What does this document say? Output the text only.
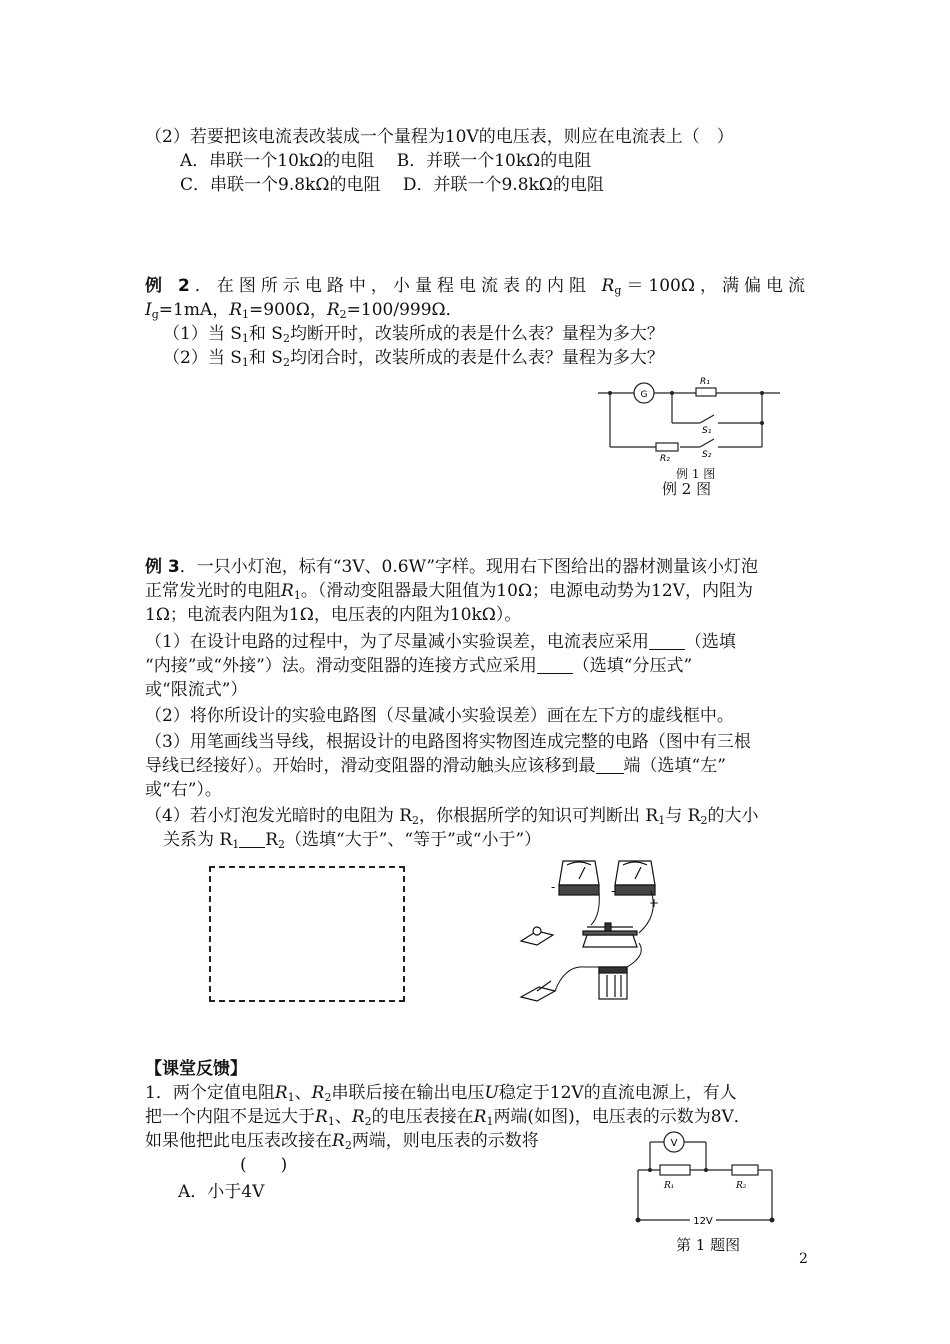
（2）若要把该电流表改装成一个量程为10V的电压表，则应在电流表上（　）
A．串联一个10kΩ的电阻　 B．并联一个10kΩ的电阻
C．串联一个9.8kΩ的电阻　 D．并联一个9.8kΩ的电阻
例 2．在图所示电路中，小量程电流表的内阻 $R_g=100\Omega$，满偏电流
$I_g=1mA$，$R_1=900\Omega$，$R_2=100/999\Omega$．
（1）当 $S_1$和 $S_2$均断开时，改装所成的表是什么表？量程为多大？
（2）当 $S_1$和 $S_2$均闭合时，改装所成的表是什么表？量程为多大？
G
R₁
S₁
R₂	S₂
例 1 图
例 2 图
例 3．一只小灯泡，标有“3V、0.6W”字样。现用右下图给出的器材测量该小灯泡
正常发光时的电阻$R_1$。（滑动变阻器最大阻值为10Ω；电源电动势为12V，内阻为
1Ω；电流表内阻为1Ω，电压表的内阻为10kΩ）。
（1）在设计电路的过程中，为了尽量减小实验误差，电流表应采用 （选填
“内接”或“外接”）法。滑动变阻器的连接方式应采用 （选填“分压式”
或“限流式”）
（2）将你所设计的实验电路图（尽量减小实验误差）画在左下方的虚线框中。
（3）用笔画线当导线，根据设计的电路图将实物图连成完整的电路（图中有三根
导线已经接好）。开始时，滑动变阻器的滑动触头应该移到最 端（选填“左”
或“右”）。
（4）若小灯泡发光暗时的电阻为 $R_2$，你根据所学的知识可判断出 $R_1$与 $R_2$的大小
关系为 $R_1$ $R_2$（选填“大于”、“等于”或“小于”）
-	-
+
【课堂反馈】
1．两个定值电阻$R_1$、$R_2$串联后接在输出电压U稳定于12V的直流电源上，有人
把一个内阻不是远大于$R_1$、$R_2$的电压表接在$R_1$两端(如图)，电压表的示数为8V．
如果他把此电压表改接在$R_2$两端，则电压表的示数将
(　　)
A．小于4V
V
R₁	R₂
12V
第 1 题图
2
